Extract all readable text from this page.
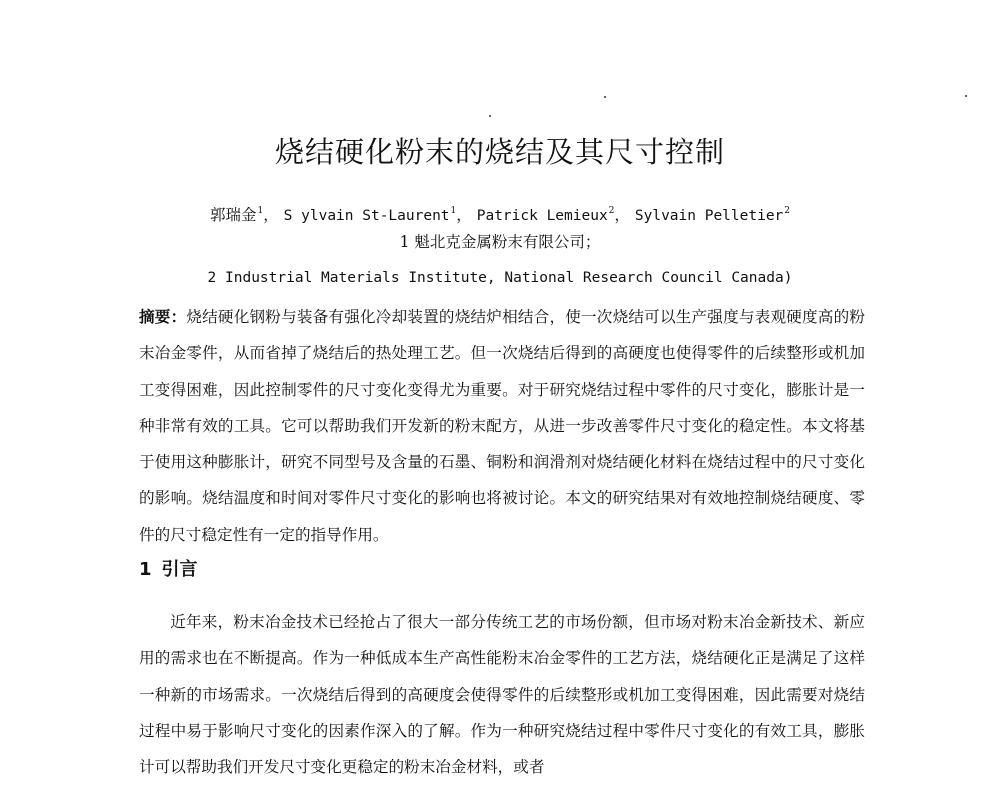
烧结硬化粉末的烧结及其尺寸控制
郭瑞金$^1$， S ylvain St-Laurent$^1$， Patrick Lemieux$^2$， Sylvain Pelletier$^2$
1 魁北克金属粉末有限公司；
2 Industrial Materials Institute, National Research Council Canada)

摘要：烧结硬化钢粉与装备有强化冷却装置的烧结炉相结合，使一次烧结可以生产强度与表观硬度高的粉末冶金零件，从而省掉了烧结后的热处理工艺。但一次烧结后得到的高硬度也使得零件的后续整形或机加工变得困难，因此控制零件的尺寸变化变得尤为重要。对于研究烧结过程中零件的尺寸变化，膨胀计是一种非常有效的工具。它可以帮助我们开发新的粉末配方，从进一步改善零件尺寸变化的稳定性。本文将基于使用这种膨胀计，研究不同型号及含量的石墨、铜粉和润滑剂对烧结硬化材料在烧结过程中的尺寸变化的影响。烧结温度和时间对零件尺寸变化的影响也将被讨论。本文的研究结果对有效地控制烧结硬度、零件的尺寸稳定性有一定的指导作用。

1 引言

近年来，粉末冶金技术已经抢占了很大一部分传统工艺的市场份额，但市场对粉末冶金新技术、新应用的需求也在不断提高。作为一种低成本生产高性能粉末冶金零件的工艺方法，烧结硬化正是满足了这样一种新的市场需求。一次烧结后得到的高硬度会使得零件的后续整形或机加工变得困难，因此需要对烧结过程中易于影响尺寸变化的因素作深入的了解。作为一种研究烧结过程中零件尺寸变化的有效工具，膨胀计可以帮助我们开发尺寸变化更稳定的粉末冶金材料，或者
